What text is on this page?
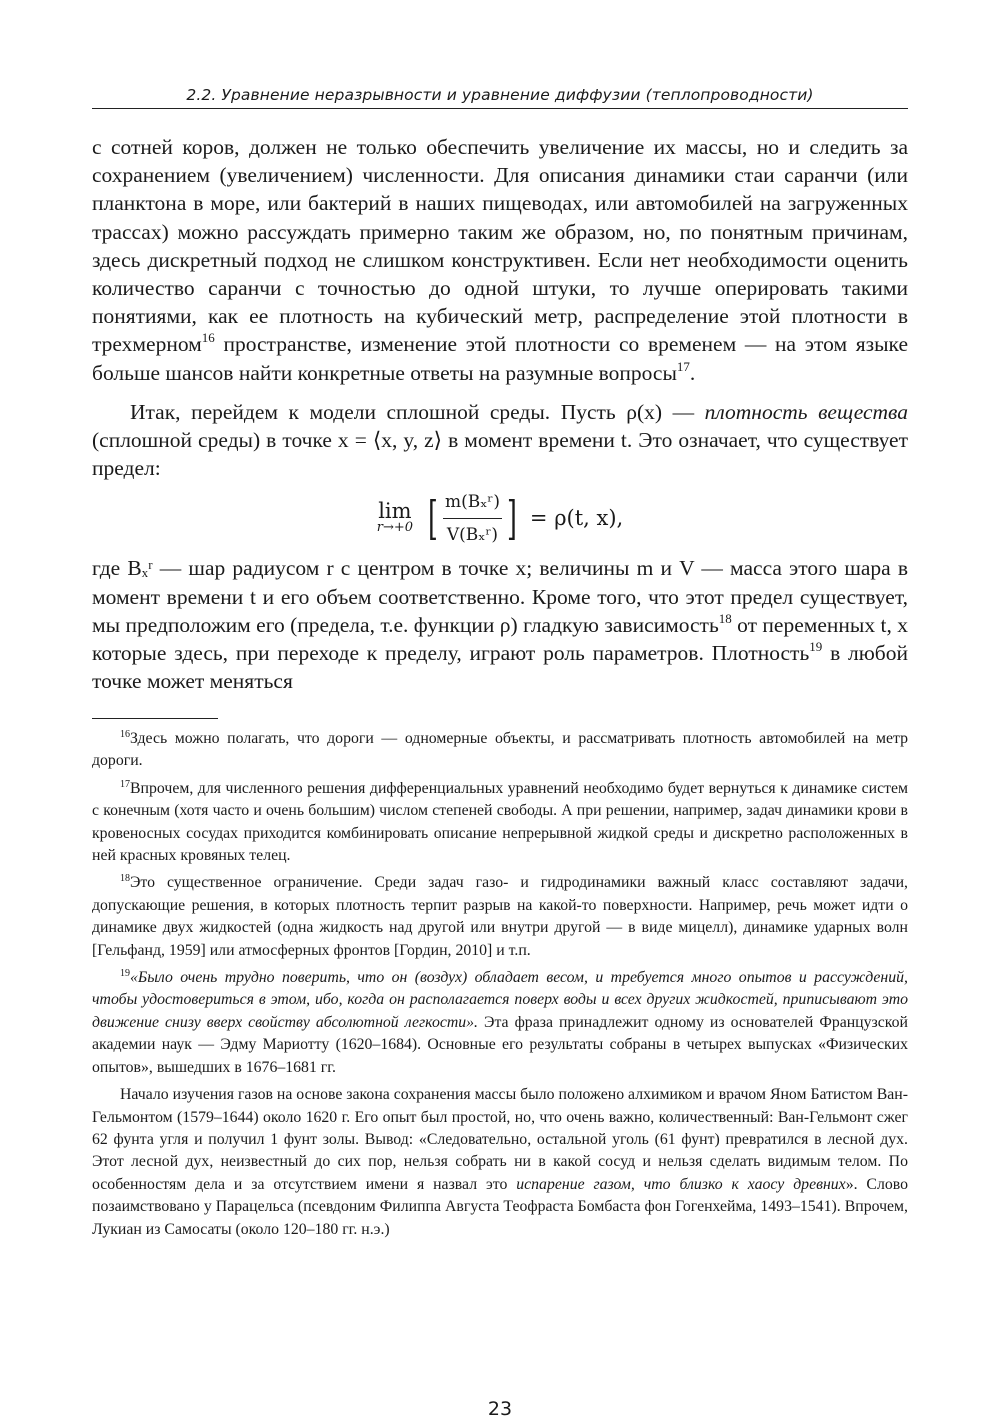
2.2. Уравнение неразрывности и уравнение диффузии (теплопроводности)

с сотней коров, должен не только обеспечить увеличение их массы, но и следить за сохранением (увеличением) численности. Для описания динамики стаи саранчи (или планктона в море, или бактерий в наших пищеводах, или автомобилей на загруженных трассах) можно рассуждать примерно таким же образом, но, по понятным причинам, здесь дискретный подход не слишком конструктивен. Если нет необходимости оценить количество саранчи с точностью до одной штуки, то лучше оперировать такими понятиями, как ее плотность на кубический метр, распределение этой плотности в трехмерном$^{16}$ пространстве, изменение этой плотности со временем — на этом языке больше шансов найти конкретные ответы на разумные вопросы$^{17}$.

Итак, перейдем к модели сплошной среды. Пусть ρ(x) — плотность вещества (сплошной среды) в точке x = ⟨x, y, z⟩ в момент времени t. Это означает, что существует предел:

lim
r→+0 [ $\frac{\text{m(Bₓʳ)}}{\text{V(Bₓʳ)}}$ ] = ρ(t, x),

где Bₓʳ — шар радиусом r с центром в точке x; величины m и V — масса этого шара в момент времени t и его объем соответственно. Кроме того, что этот предел существует, мы предположим его (предела, т.е. функции ρ) гладкую зависимость$^{18}$ от переменных t, x которые здесь, при переходе к пределу, играют роль параметров. Плотность$^{19}$ в любой точке может меняться

$^{16}$Здесь можно полагать, что дороги — одномерные объекты, и рассматривать плотность автомобилей на метр дороги.

$^{17}$Впрочем, для численного решения дифференциальных уравнений необходимо будет вернуться к динамике систем с конечным (хотя часто и очень большим) числом степеней свободы. А при решении, например, задач динамики крови в кровеносных сосудах приходится комбинировать описание непрерывной жидкой среды и дискретно расположенных в ней красных кровяных телец.

$^{18}$Это существенное ограничение. Среди задач газо- и гидродинамики важный класс составляют задачи, допускающие решения, в которых плотность терпит разрыв на какой-то поверхности. Например, речь может идти о динамике двух жидкостей (одна жидкость над другой или внутри другой — в виде мицелл), динамике ударных волн [Гельфанд, 1959] или атмосферных фронтов [Гордин, 2010] и т.п.

$^{19}$«Было очень трудно поверить, что он (воздух) обладает весом, и требуется много опытов и рассуждений, чтобы удостовериться в этом, ибо, когда он располагается поверх воды и всех других жидкостей, приписывают это движение снизу вверх свойству абсолютной легкости». Эта фраза принадлежит одному из основателей Французской академии наук — Эдму Мариотту (1620–1684). Основные его результаты собраны в четырех выпусках «Физических опытов», вышедших в 1676–1681 гг.

Начало изучения газов на основе закона сохранения массы было положено алхимиком и врачом Яном Батистом Ван-Гельмонтом (1579–1644) около 1620 г. Его опыт был простой, но, что очень важно, количественный: Ван-Гельмонт сжег 62 фунта угля и получил 1 фунт золы. Вывод: «Следовательно, остальной уголь (61 фунт) превратился в лесной дух. Этот лесной дух, неизвестный до сих пор, нельзя собрать ни в какой сосуд и нельзя сделать видимым телом. По особенностям дела и за отсутствием имени я назвал это испарение газом, что близко к хаосу древних». Слово позаимствовано у Парацельса (псевдоним Филиппа Августа Теофраста Бомбаста фон Гогенхейма, 1493–1541). Впрочем, Лукиан из Самосаты (около 120–180 гг. н.э.)

23
